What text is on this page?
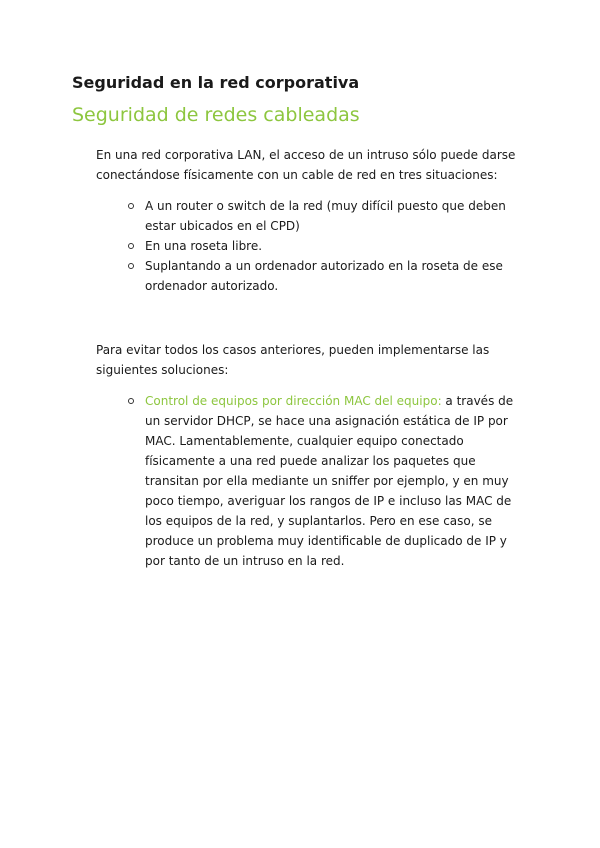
Seguridad en la red corporativa
Seguridad de redes cableadas
En una red corporativa LAN, el acceso de un intruso sólo puede darse conectándose físicamente con un cable de red en tres situaciones:
A un router o switch de la red (muy difícil puesto que deben estar ubicados en el CPD)
En una roseta libre.
Suplantando a un ordenador autorizado en la roseta de ese ordenador autorizado.
Para evitar todos los casos anteriores, pueden implementarse las siguientes soluciones:
Control de equipos por dirección MAC del equipo: a través de un servidor DHCP, se hace una asignación estática de IP por MAC. Lamentablemente, cualquier equipo conectado físicamente a una red puede analizar los paquetes que transitan por ella mediante un sniffer por ejemplo, y en muy poco tiempo, averiguar los rangos de IP e incluso las MAC de los equipos de la red, y suplantarlos. Pero en ese caso, se produce un problema muy identificable de duplicado de IP y por tanto de un intruso en la red.
